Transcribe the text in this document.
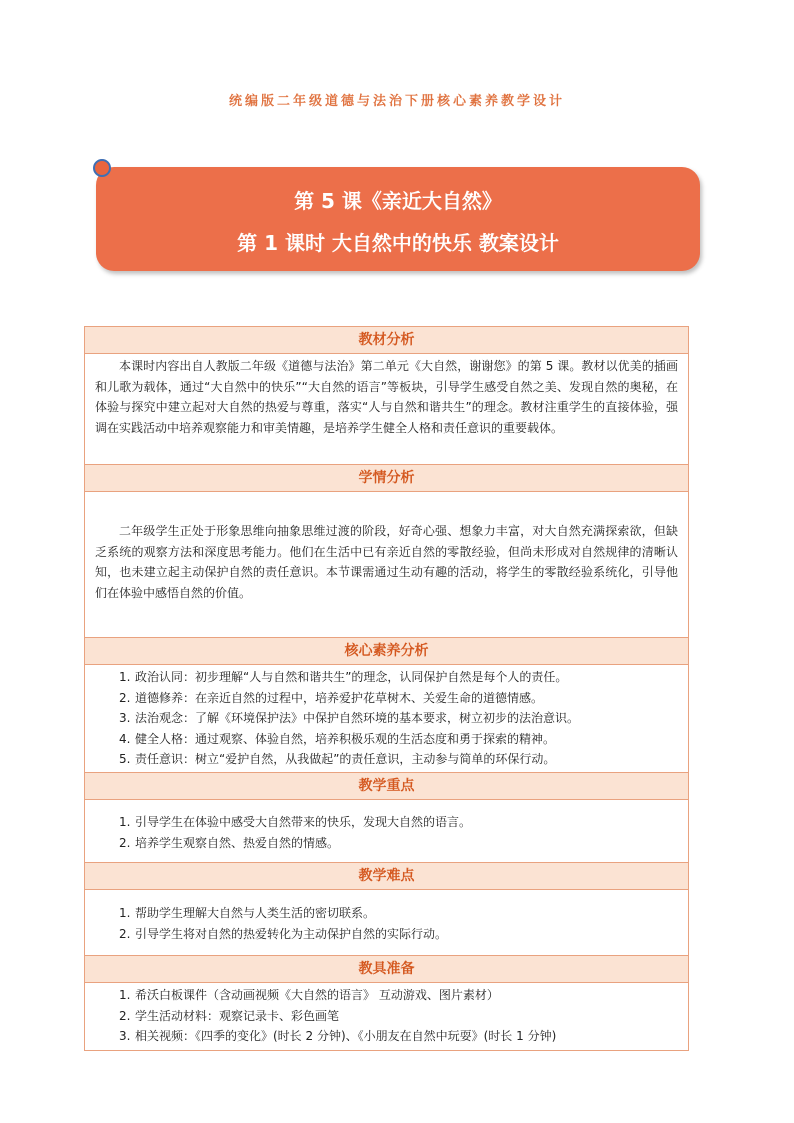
统编版二年级道德与法治下册核心素养教学设计
第 5 课《亲近大自然》
第 1 课时 大自然中的快乐 教案设计
教材分析
本课时内容出自人教版二年级《道德与法治》第二单元《大自然，谢谢您》的第 5 课。教材以优美的插画和儿歌为载体，通过“大自然中的快乐”“大自然的语言”等板块，引导学生感受自然之美、发现自然的奥秘，在体验与探究中建立起对大自然的热爱与尊重，落实“人与自然和谐共生”的理念。教材注重学生的直接体验，强调在实践活动中培养观察能力和审美情趣，是培养学生健全人格和责任意识的重要载体。
学情分析
二年级学生正处于形象思维向抽象思维过渡的阶段，好奇心强、想象力丰富，对大自然充满探索欲，但缺乏系统的观察方法和深度思考能力。他们在生活中已有亲近自然的零散经验，但尚未形成对自然规律的清晰认知，也未建立起主动保护自然的责任意识。本节课需通过生动有趣的活动，将学生的零散经验系统化，引导他们在体验中感悟自然的价值。
核心素养分析
1. 政治认同：初步理解“人与自然和谐共生”的理念，认同保护自然是每个人的责任。
2. 道德修养：在亲近自然的过程中，培养爱护花草树木、关爱生命的道德情感。
3. 法治观念：了解《环境保护法》中保护自然环境的基本要求，树立初步的法治意识。
4. 健全人格：通过观察、体验自然，培养积极乐观的生活态度和勇于探索的精神。
5. 责任意识：树立“爱护自然，从我做起”的责任意识，主动参与简单的环保行动。
教学重点
1. 引导学生在体验中感受大自然带来的快乐，发现大自然的语言。
2. 培养学生观察自然、热爱自然的情感。
教学难点
1. 帮助学生理解大自然与人类生活的密切联系。
2. 引导学生将对自然的热爱转化为主动保护自然的实际行动。
教具准备
1. 希沃白板课件（含动画视频《大自然的语言》 互动游戏、图片素材）
2. 学生活动材料：观察记录卡、彩色画笔
3. 相关视频：《四季的变化》(时长 2 分钟)、《小朋友在自然中玩耍》(时长 1 分钟)
